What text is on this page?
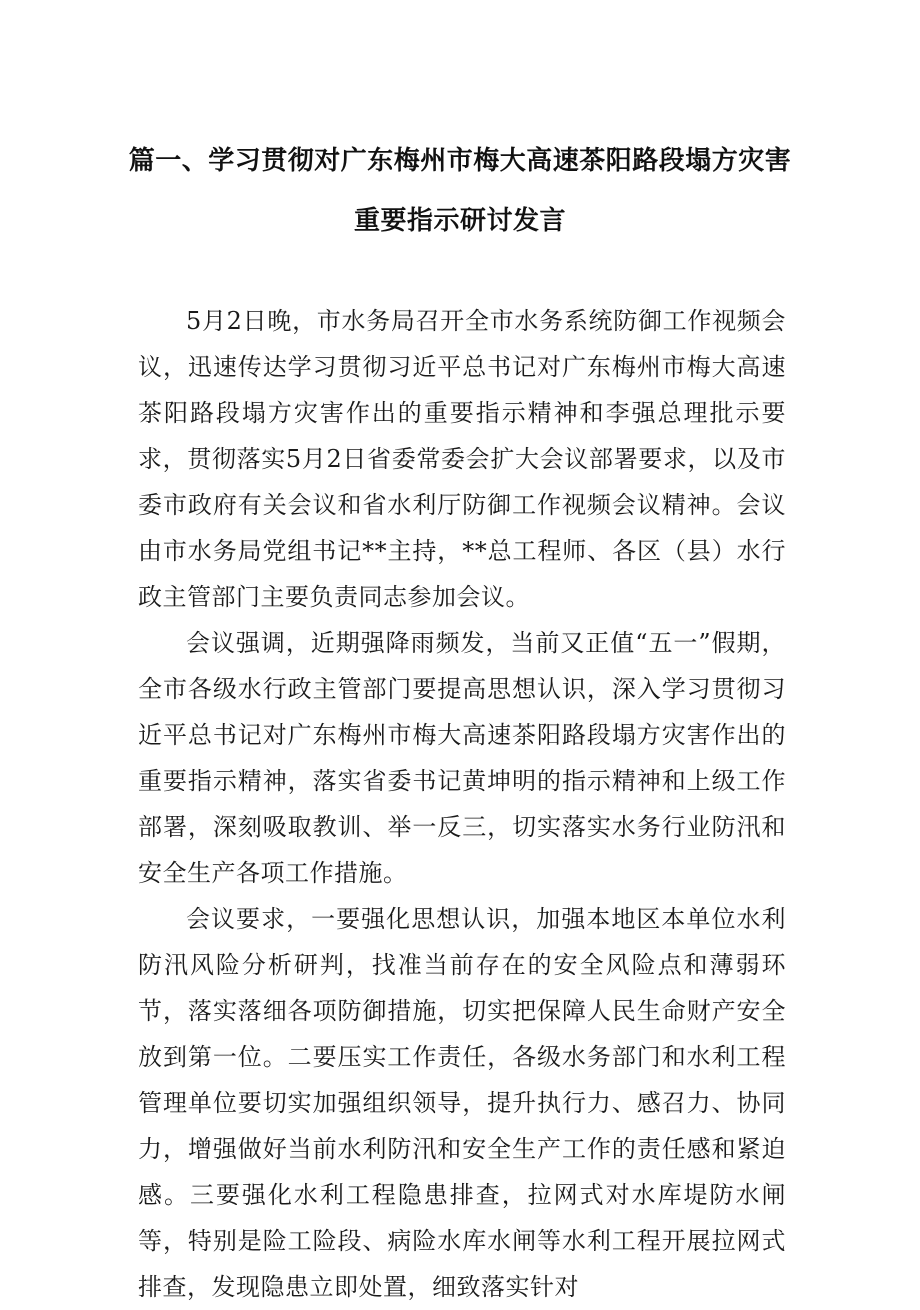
篇一、学习贯彻对广东梅州市梅大高速茶阳路段塌方灾害
重要指示研讨发言

5月2日晚，市水务局召开全市水务系统防御工作视频会议，迅速传达学习贯彻习近平总书记对广东梅州市梅大高速茶阳路段塌方灾害作出的重要指示精神和李强总理批示要求，贯彻落实5月2日省委常委会扩大会议部署要求，以及市委市政府有关会议和省水利厅防御工作视频会议精神。会议由市水务局党组书记**主持，**总工程师、各区（县）水行政主管部门主要负责同志参加会议。

会议强调，近期强降雨频发，当前又正值“五一”假期，全市各级水行政主管部门要提高思想认识，深入学习贯彻习近平总书记对广东梅州市梅大高速茶阳路段塌方灾害作出的重要指示精神，落实省委书记黄坤明的指示精神和上级工作部署，深刻吸取教训、举一反三，切实落实水务行业防汛和安全生产各项工作措施。

会议要求，一要强化思想认识，加强本地区本单位水利防汛风险分析研判，找准当前存在的安全风险点和薄弱环节，落实落细各项防御措施，切实把保障人民生命财产安全放到第一位。二要压实工作责任，各级水务部门和水利工程管理单位要切实加强组织领导，提升执行力、感召力、协同力，增强做好当前水利防汛和安全生产工作的责任感和紧迫感。三要强化水利工程隐患排查，拉网式对水库堤防水闸等，特别是险工险段、病险水库水闸等水利工程开展拉网式排查，发现隐患立即处置，细致落实针对
